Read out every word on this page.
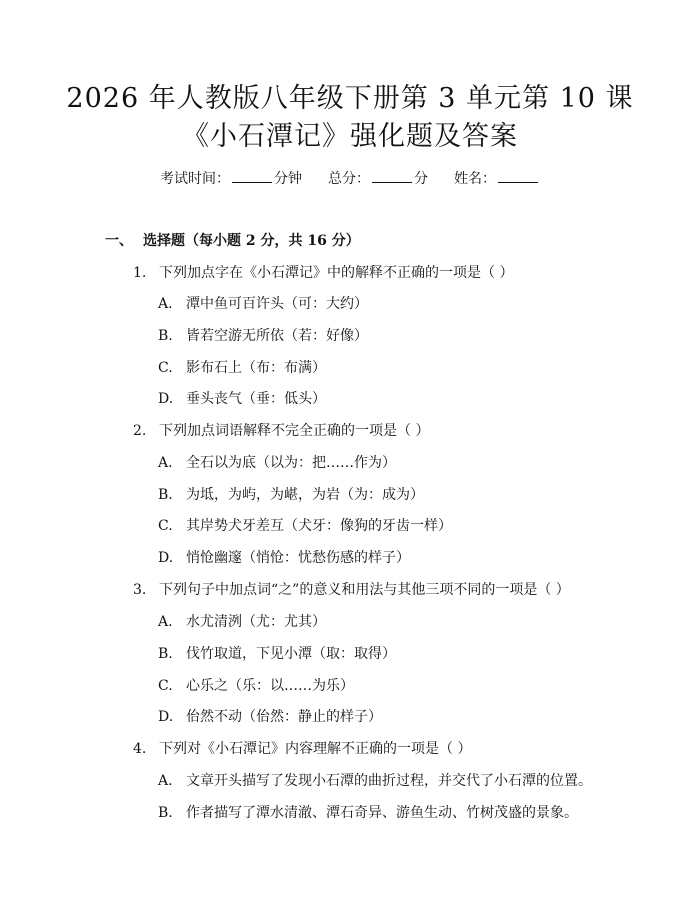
2026 年人教版八年级下册第 3 单元第 10 课
《小石潭记》强化题及答案
考试时间：	分钟 总分：	分 姓名：
一、 选择题（每小题 2 分，共 16 分）
1. 下列加点字在《小石潭记》中的解释不正确的一项是（ ）
A. 潭中鱼可百许头（可：大约）
B. 皆若空游无所依（若：好像）
C. 影布石上（布：布满）
D. 垂头丧气（垂：低头）
2. 下列加点词语解释不完全正确的一项是（ ）
A. 全石以为底（以为：把……作为）
B. 为坻，为屿，为嵁，为岩（为：成为）
C. 其岸势犬牙差互（犬牙：像狗的牙齿一样）
D. 悄怆幽邃（悄怆：忧愁伤感的样子）
3. 下列句子中加点词“之”的意义和用法与其他三项不同的一项是（ ）
A. 水尤清洌（尤：尤其）
B. 伐竹取道，下见小潭（取：取得）
C. 心乐之（乐：以……为乐）
D. 佁然不动（佁然：静止的样子）
4. 下列对《小石潭记》内容理解不正确的一项是（ ）
A. 文章开头描写了发现小石潭的曲折过程，并交代了小石潭的位置。
B. 作者描写了潭水清澈、潭石奇异、游鱼生动、竹树茂盛的景象。
